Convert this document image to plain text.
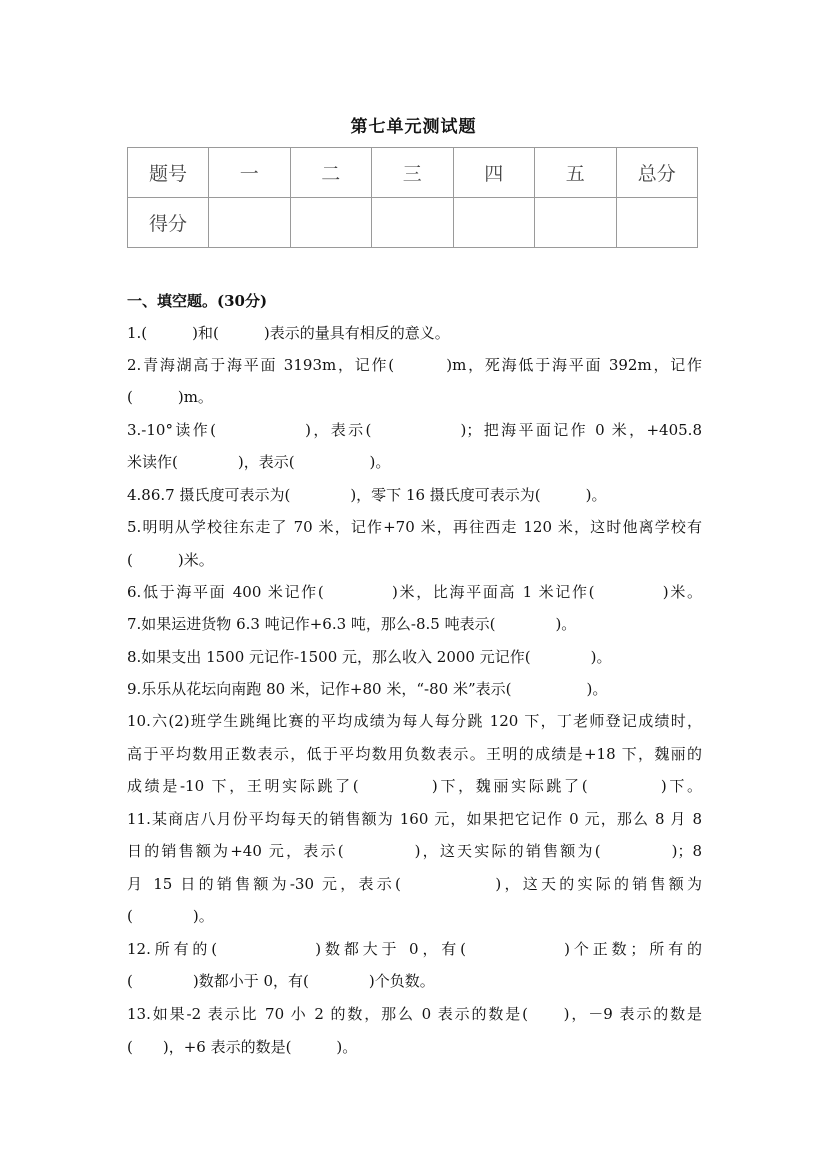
第七单元测试题
题号	一	二	三	四	五	总分
得分						
一、填空题。(30分)
1.(　　　)和(　　　)表示的量具有相反的意义。
2.青海湖高于海平面 3193m，记作(　　　)m，死海低于海平面 392m，记作
(　　　)m。
3.-10°读作(　　　　　)，表示(　　　　　)；把海平面记作 0 米，+405.8
米读作(　　　　)，表示(　　　　　)。
4.86.7 摄氏度可表示为(　　　　)，零下 16 摄氏度可表示为(　　　)。
5.明明从学校往东走了 70 米，记作+70 米，再往西走 120 米，这时他离学校有
(　　　)米。
6.低于海平面 400 米记作(　　　　)米，比海平面高 1 米记作(　　　　)米。
7.如果运进货物 6.3 吨记作+6.3 吨，那么-8.5 吨表示(　　　　)。
8.如果支出 1500 元记作-1500 元，那么收入 2000 元记作(　　　　)。
9.乐乐从花坛向南跑 80 米，记作+80 米，“-80 米”表示(　　　　　)。
10.六(2)班学生跳绳比赛的平均成绩为每人每分跳 120 下，丁老师登记成绩时，
高于平均数用正数表示，低于平均数用负数表示。王明的成绩是+18 下，魏丽的
成绩是-10 下，王明实际跳了(　　　　)下，魏丽实际跳了(　　　　)下。
11.某商店八月份平均每天的销售额为 160 元，如果把它记作 0 元，那么 8 月 8
日的销售额为+40 元，表示(　　　　)，这天实际的销售额为(　　　　)；8
月 15 日的销售额为-30 元，表示(　　　　　)，这天的实际的销售额为
(　　　　)。
12.所有的(　　　　　)数都大于 0，有(　　　　　)个正数；所有的
(　　　　)数都小于 0，有(　　　　)个负数。
13.如果-2 表示比 70 小 2 的数，那么 0 表示的数是(　　)，－9 表示的数是
(　　)，+6 表示的数是(　　　)。
